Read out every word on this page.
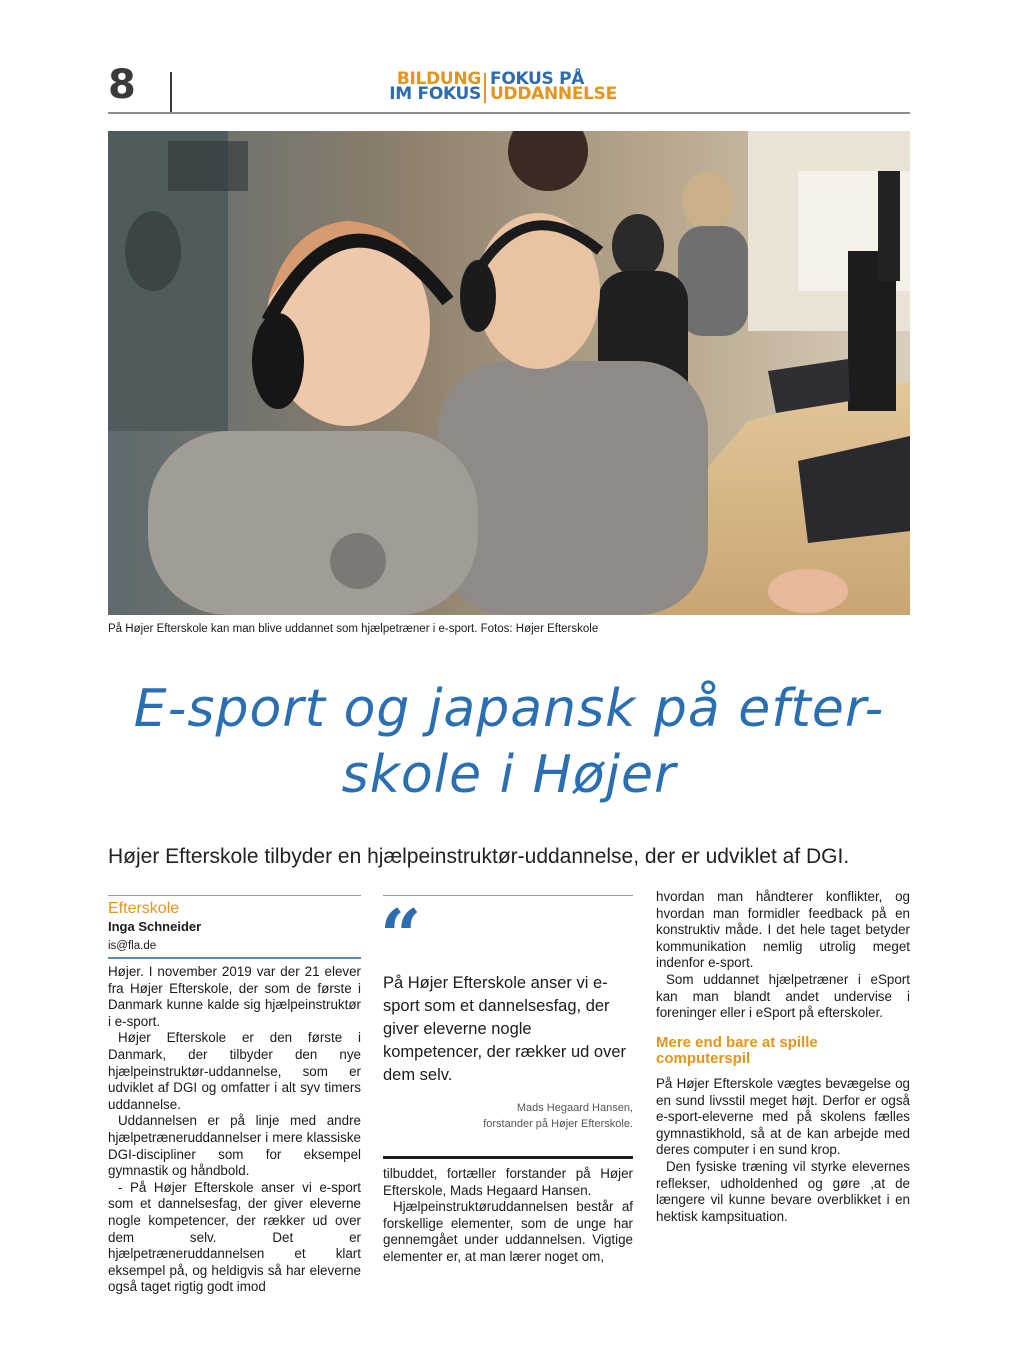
8	BILDUNG
IM FOKUS
FOKUS PÅ
UDDANNELSE
På Højer Efterskole kan man blive uddannet som hjælpetræner i e-sport. Fotos: Højer Efterskole
E-sport og japansk på efter-
skole i Højer
Højer Efterskole tilbyder en hjælpeinstruktør-uddannelse, der er udviklet af DGI.
Efterskole
Inga Schneider
is@fla.de

Højer. I november 2019 var der 21 elever fra Højer Efterskole, der som de første i Danmark kunne kalde sig hjælpeinstruktør i e-sport.

Højer Efterskole er den første i Danmark, der tilbyder den nye hjælpeinstruktør-uddannelse, som er udviklet af DGI og omfatter i alt syv timers uddannelse.

Uddannelsen er på linje med andre hjælpetræneruddannelser i mere klassiske DGI-discipliner som for eksempel gymnastik og håndbold.

- På Højer Efterskole anser vi e-sport som et dannelsesfag, der giver eleverne nogle kompetencer, der rækker ud over dem selv. Det er hjælpetræneruddannelsen et klart eksempel på, og heldigvis så har eleverne også taget rigtig godt imod

“
På Højer Efterskole anser vi e-sport som et dannelsesfag, der giver eleverne nogle kompetencer, der rækker ud over dem selv.
Mads Hegaard Hansen,
forstander på Højer Efterskole.

tilbuddet, fortæller forstander på Højer Efterskole, Mads Hegaard Hansen.

Hjælpeinstruktøruddannelsen består af forskellige elementer, som de unge har gennemgået under uddannelsen. Vigtige elementer er, at man lærer noget om,

hvordan man håndterer konflikter, og hvordan man formidler feedback på en konstruktiv måde. I det hele taget betyder kommunikation nemlig utrolig meget indenfor e-sport.

Som uddannet hjælpetræner i eSport kan man blandt andet undervise i foreninger eller i eSport på efterskoler.

Mere end bare at spille computerspil

På Højer Efterskole vægtes bevægelse og en sund livsstil meget højt. Derfor er også e-sport-eleverne med på skolens fælles gymnastikhold, så at de kan arbejde med deres computer i en sund krop.

Den fysiske træning vil styrke elevernes reflekser, udholdenhed og gøre ,at de længere vil kunne bevare overblikket i en hektisk kampsituation.
